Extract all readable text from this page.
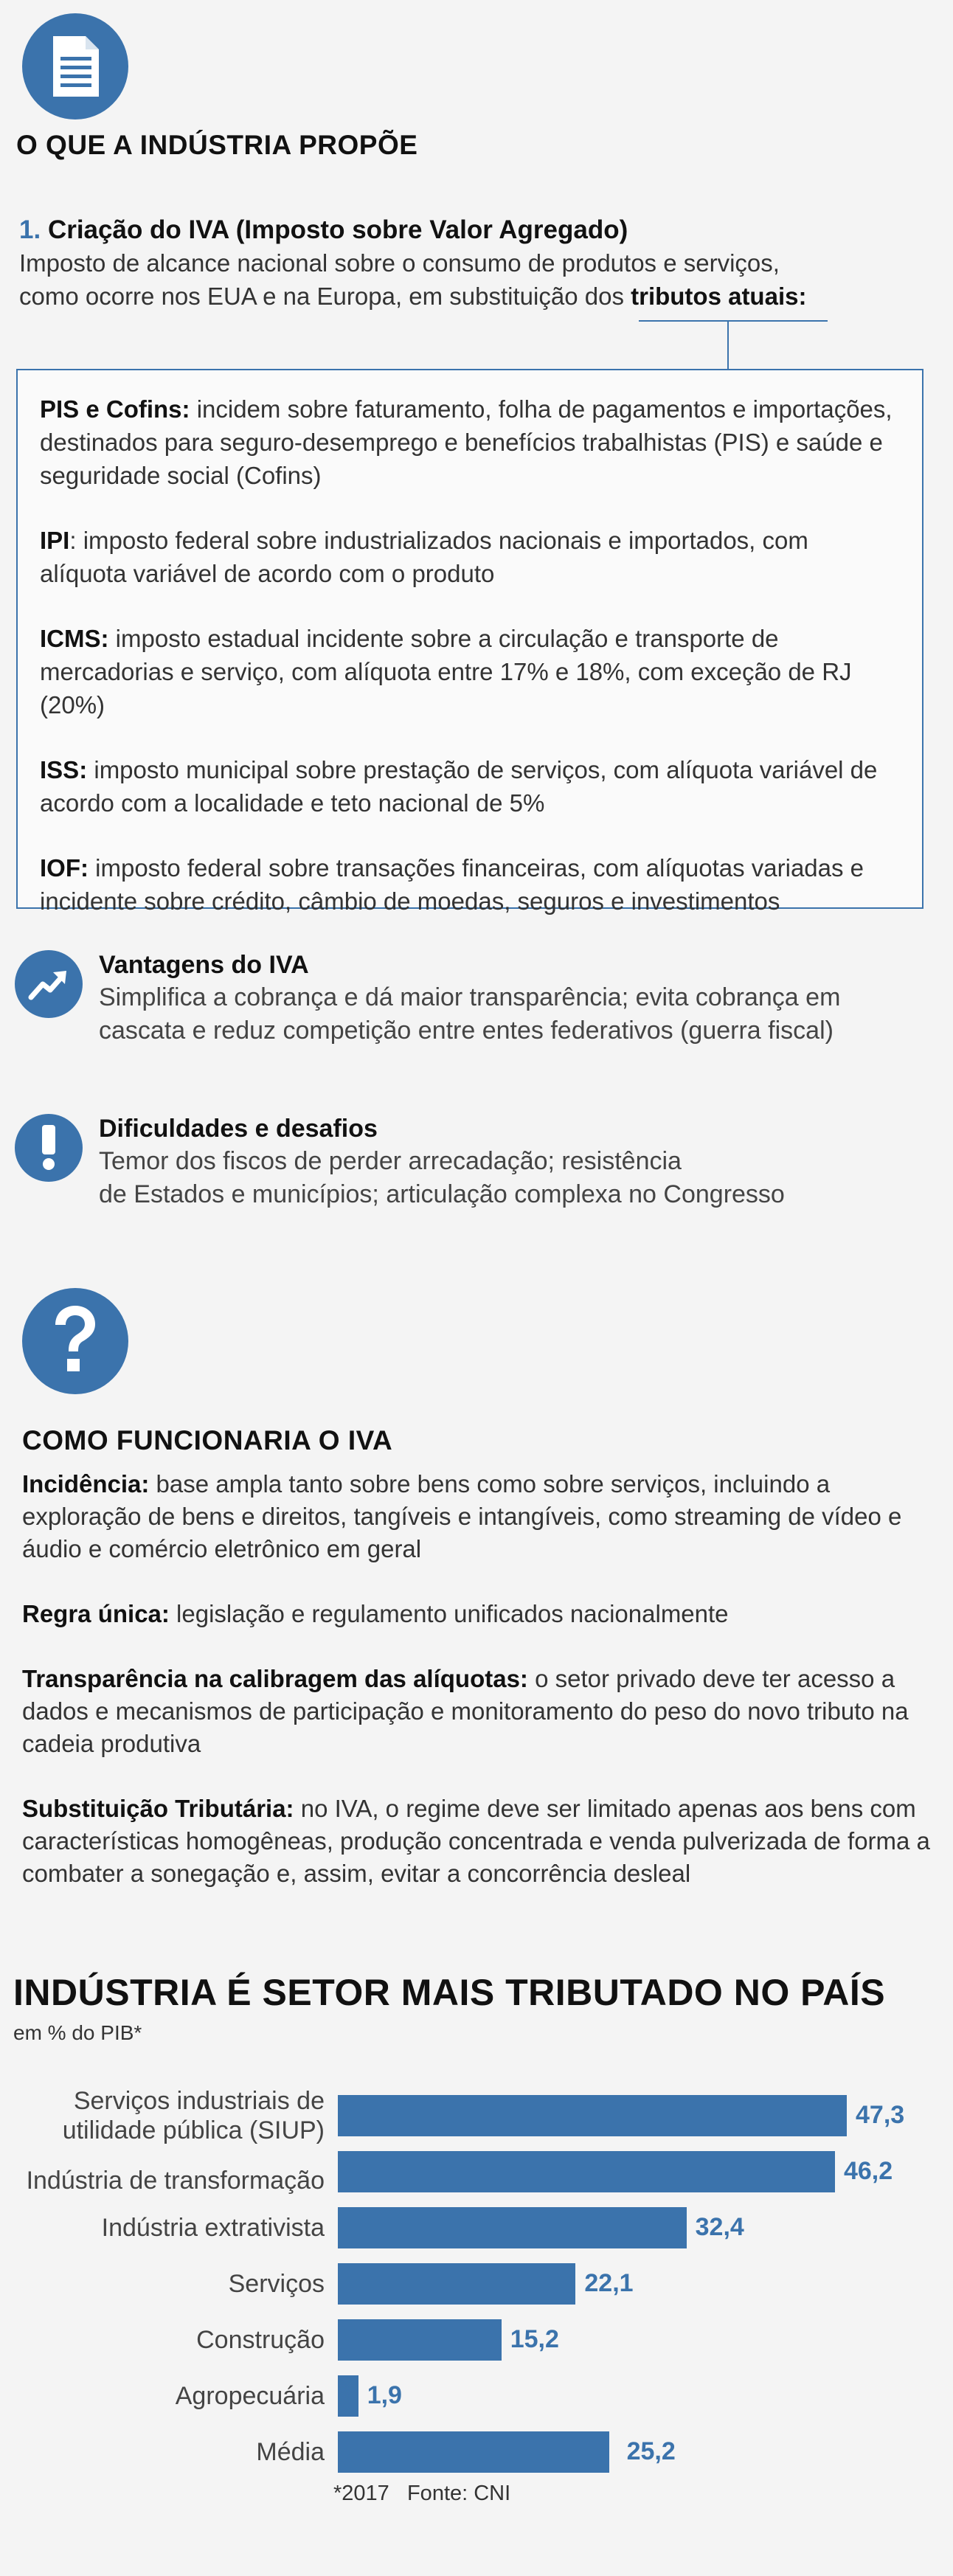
O QUE A INDÚSTRIA PROPÕE
1. Criação do IVA (Imposto sobre Valor Agregado)
Imposto de alcance nacional sobre o consumo de produtos e serviços,
como ocorre nos EUA e na Europa, em substituição dos tributos atuais:

PIS e Cofins: incidem sobre faturamento, folha de pagamentos e importações, destinados para seguro-desemprego e benefícios trabalhistas (PIS) e saúde e seguridade social (Cofins)

IPI: imposto federal sobre industrializados nacionais e importados, com alíquota variável de acordo com o produto

ICMS: imposto estadual incidente sobre a circulação e transporte de mercadorias e serviço, com alíquota entre 17% e 18%, com exceção de RJ (20%)

ISS: imposto municipal sobre prestação de serviços, com alíquota variável de acordo com a localidade e teto nacional de 5%

IOF: imposto federal sobre transações financeiras, com alíquotas variadas e incidente sobre crédito, câmbio de moedas, seguros e investimentos

Vantagens do IVA
Simplifica a cobrança e dá maior transparência; evita cobrança em
cascata e reduz competição entre entes federativos (guerra fiscal)
Dificuldades e desafios
Temor dos fiscos de perder arrecadação; resistência
de Estados e municípios; articulação complexa no Congresso
COMO FUNCIONARIA O IVA

Incidência: base ampla tanto sobre bens como sobre serviços, incluindo a exploração de bens e direitos, tangíveis e intangíveis, como streaming de vídeo e áudio e comércio eletrônico em geral

Regra única: legislação e regulamento unificados nacionalmente

Transparência na calibragem das alíquotas: o setor privado deve ter acesso a dados e mecanismos de participação e monitoramento do peso do novo tributo na cadeia produtiva

Substituição Tributária: no IVA, o regime deve ser limitado apenas aos bens com características homogêneas, produção concentrada e venda pulverizada de forma a combater a sonegação e, assim, evitar a concorrência desleal

INDÚSTRIA É SETOR MAIS TRIBUTADO NO PAÍS
em % do PIB*
Serviços industriais de
utilidade pública (SIUP)
47,3
Indústria de transformação	46,2
Indústria extrativista	32,4
Serviços	22,1
Construção	15,2
Agropecuária 1,9
Média	25,2
*2017   Fonte: CNI
